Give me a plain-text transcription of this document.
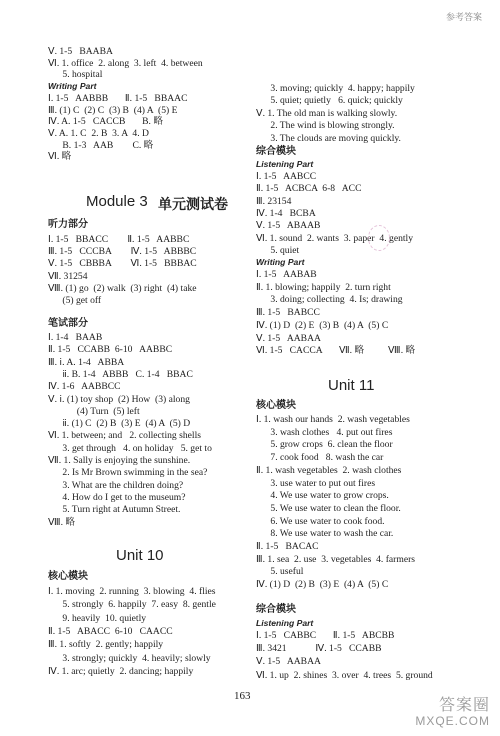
参考答案
Ⅴ. 1-5   BAABA
Ⅵ. 1. office  2. along  3. left  4. between
5. hospital
Writing Part
Ⅰ. 1-5   AABBB       Ⅱ. 1-5   BBAAC
Ⅲ. (1) C  (2) C  (3) B  (4) A  (5) E
Ⅳ. A. 1-5   CACCB       B. 略
Ⅴ. A. 1. C  2. B  3. A  4. D
B. 1-3   AAB        C. 略
Ⅵ. 略
Module 3 单元测试卷
听力部分
Ⅰ. 1-5   BBACC        Ⅱ. 1-5   AABBC
Ⅲ. 1-5   CCCBA        Ⅳ. 1-5   ABBBC
Ⅴ. 1-5   CBBBA        Ⅵ. 1-5   BBBAC
Ⅶ. 31254
Ⅷ. (1) go  (2) walk  (3) right  (4) take
(5) get off
笔试部分
Ⅰ. 1-4   BAAB
Ⅱ. 1-5   CCABB  6-10   AABBC
Ⅲ. ⅰ. A. 1-4   ABBA
ⅱ. B. 1-4   ABBB   C. 1-4   BBAC
Ⅳ. 1-6   AABBCC
Ⅴ. ⅰ. (1) toy shop  (2) How  (3) along
(4) Turn  (5) left
ⅱ. (1) C  (2) B  (3) E  (4) A  (5) D
Ⅵ. 1. between; and   2. collecting shells
3. get through   4. on holiday   5. get to
Ⅶ. 1. Sally is enjoying the sunshine.
2. Is Mr Brown swimming in the sea?
3. What are the children doing?
4. How do I get to the museum?
5. Turn right at Autumn Street.
Ⅷ. 略
Unit 10
核心模块
Ⅰ. 1. moving  2. running  3. blowing  4. flies
5. strongly  6. happily  7. easy  8. gentle
9. heavily  10. quietly
Ⅱ. 1-5   ABACC  6-10   CAACC
Ⅲ. 1. softly  2. gently; happily
3. strongly; quickly  4. heavily; slowly
Ⅳ. 1. arc; quietly  2. dancing; happily
3. moving; quickly  4. happy; happily
5. quiet; quietly   6. quick; quickly
Ⅴ. 1. The old man is walking slowly.
2. The wind is blowing strongly.
3. The clouds are moving quickly.
综合模块
Listening Part
Ⅰ. 1-5   AABCC
Ⅱ. 1-5   ACBCA  6-8   ACC
Ⅲ. 23154
Ⅳ. 1-4   BCBA
Ⅴ. 1-5   ABAAB
Ⅵ. 1. sound  2. wants  3. paper  4. gently
5. quiet
Writing Part
Ⅰ. 1-5   AABAB
Ⅱ. 1. blowing; happily  2. turn right
3. doing; collecting  4. Is; drawing
Ⅲ. 1-5   BABCC
Ⅳ. (1) D  (2) E  (3) B  (4) A  (5) C
Ⅴ. 1-5   AABAA
Ⅵ. 1-5   CACCA       Ⅶ. 略          Ⅷ. 略
Unit 11
核心模块
Ⅰ. 1. wash our hands  2. wash vegetables
3. wash clothes   4. put out fires
5. grow crops  6. clean the floor
7. cook food   8. wash the car
Ⅱ. 1. wash vegetables  2. wash clothes
3. use water to put out fires
4. We use water to grow crops.
5. We use water to clean the floor.
6. We use water to cook food.
8. We use water to wash the car.
Ⅱ. 1-5   BACAC
Ⅲ. 1. sea  2. use  3. vegetables  4. farmers
5. useful
Ⅳ. (1) D  (2) B  (3) E  (4) A  (5) C
综合模块
Listening Part
Ⅰ. 1-5   CABBC       Ⅱ. 1-5   ABCBB
Ⅲ. 3421            Ⅳ. 1-5   CCABB
Ⅴ. 1-5   AABAA
Ⅵ. 1. up  2. shines  3. over  4. trees  5. ground
163	答案圈
MXQE.COM
